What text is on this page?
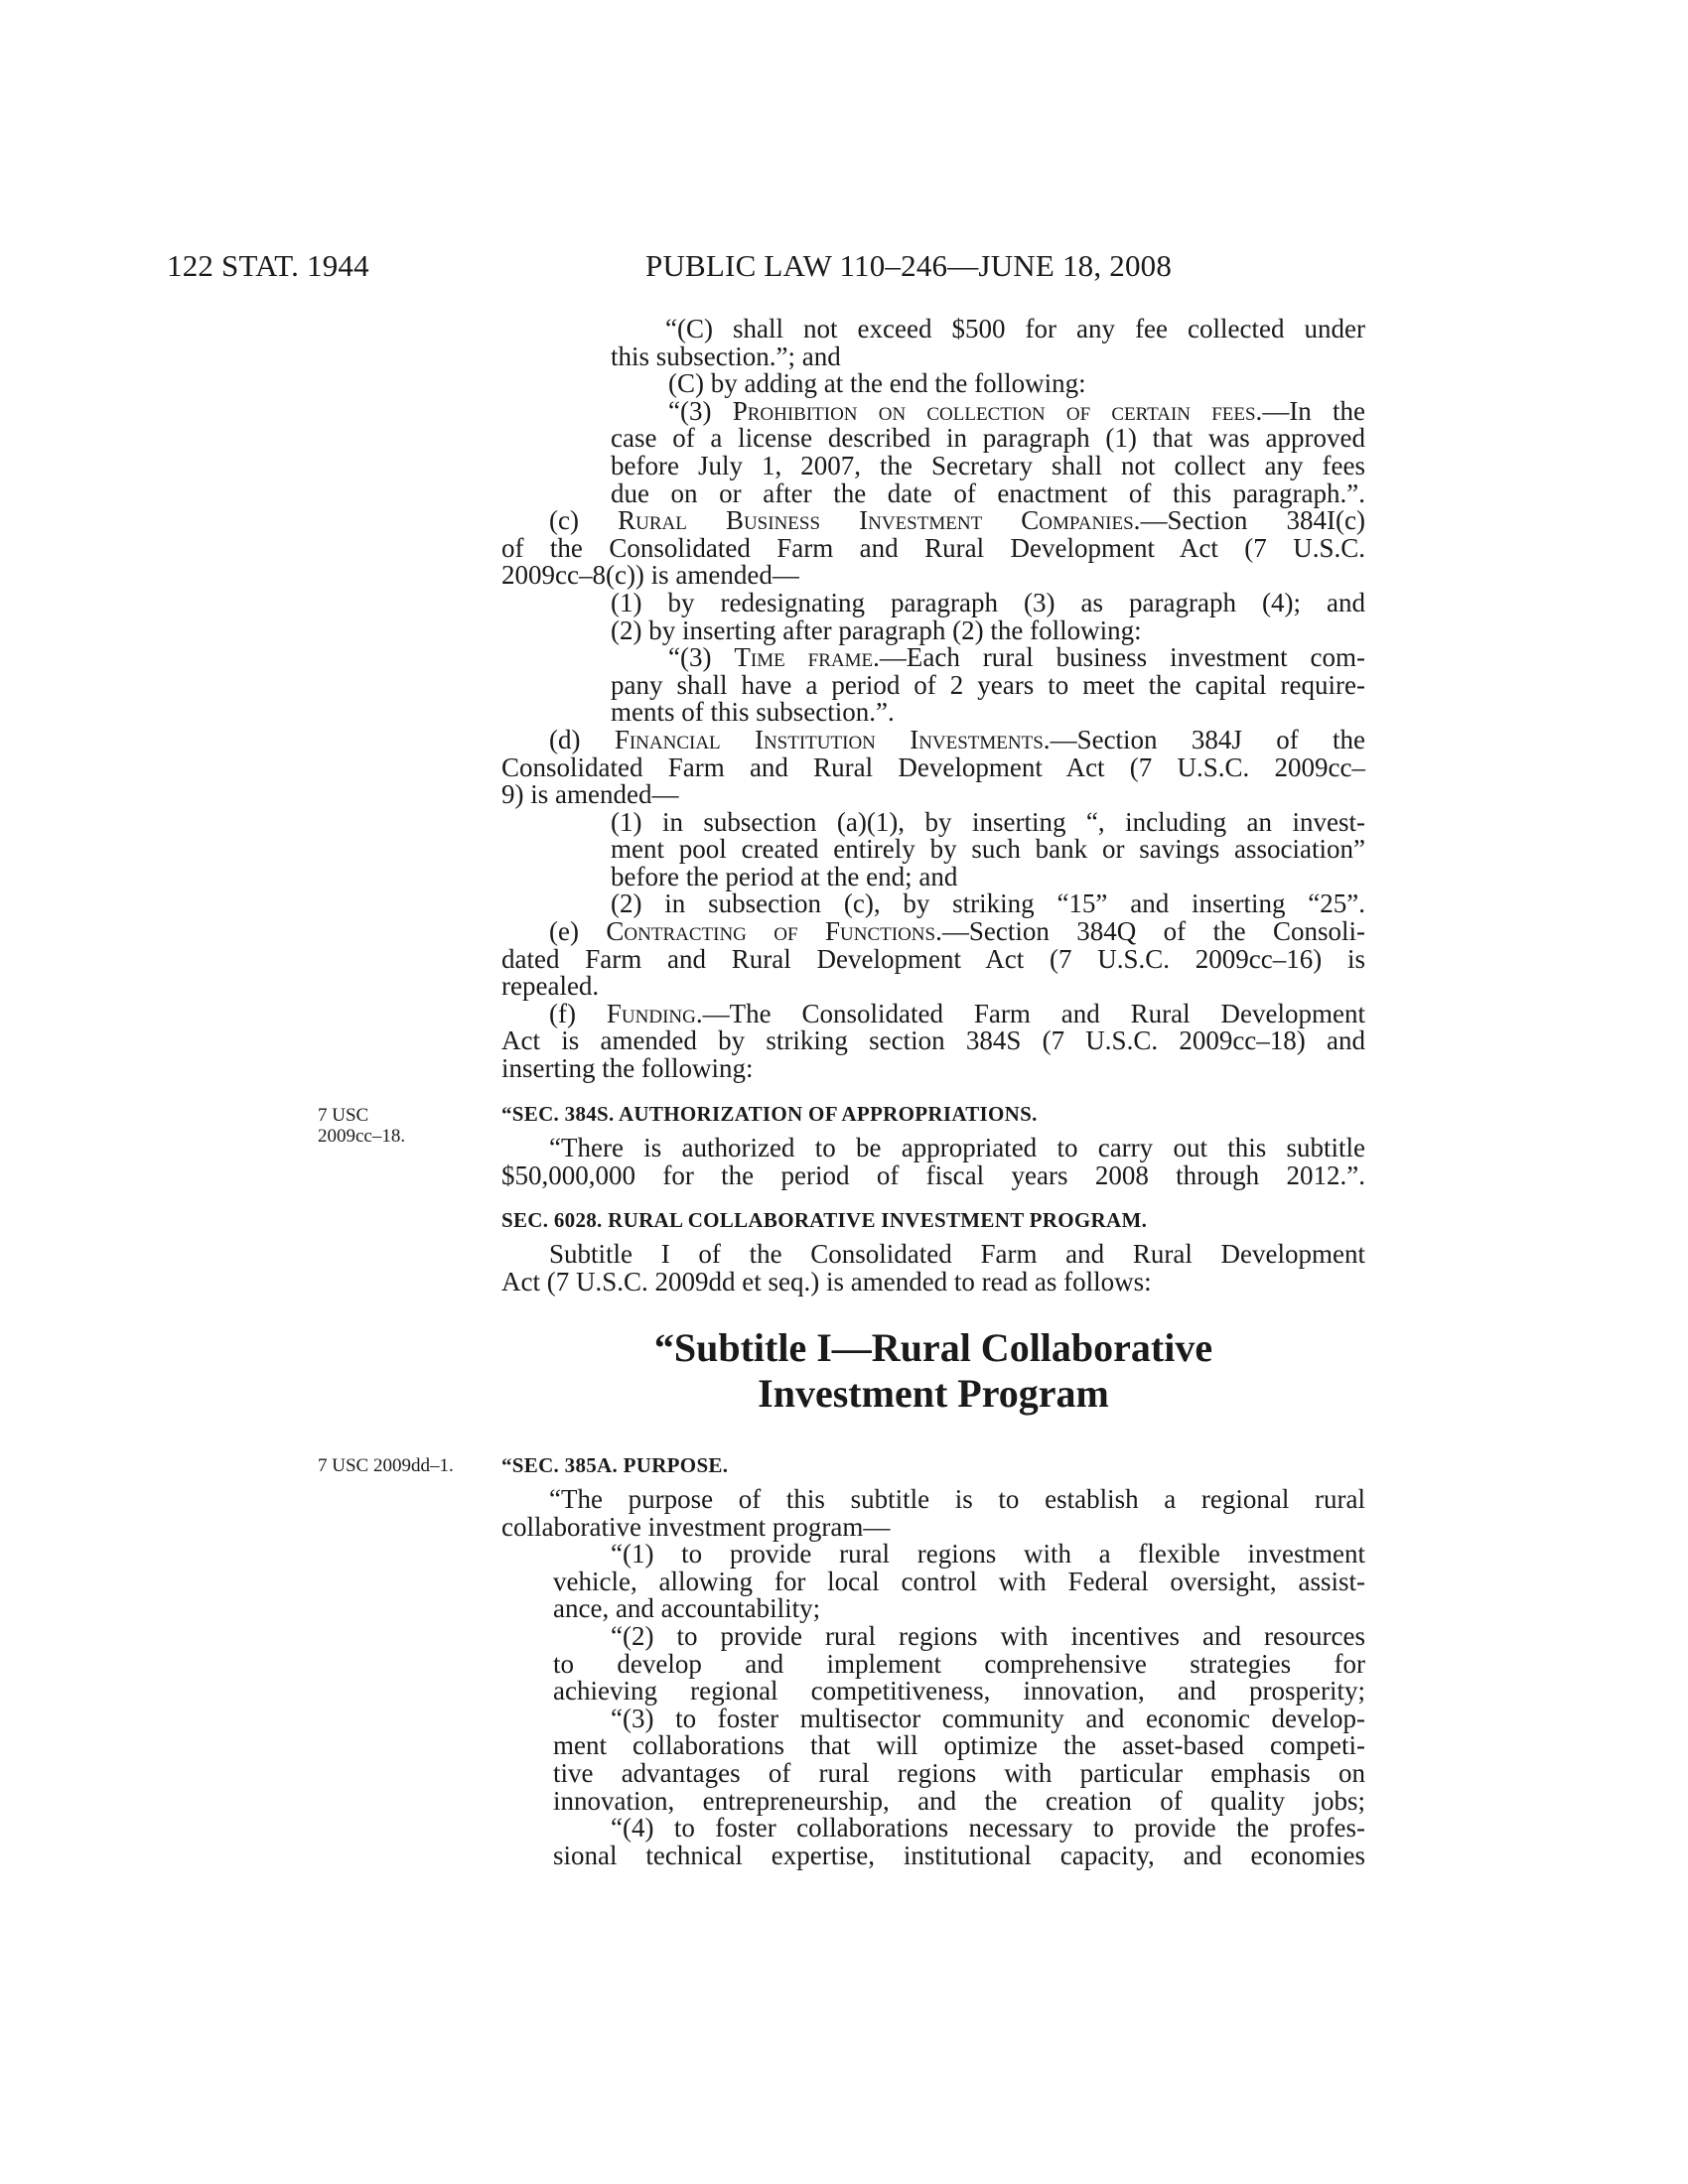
122 STAT. 1944	PUBLIC LAW 110–246—JUNE 18, 2008
“(C) shall not exceed $500 for any fee collected under
this subsection.”; and
(C) by adding at the end the following:
“(3) Prohibition on collection of certain fees.—In the
case of a license described in paragraph (1) that was approved
before July 1, 2007, the Secretary shall not collect any fees
due on or after the date of enactment of this paragraph.”.
(c) Rural Business Investment Companies.—Section 384I(c)
of the Consolidated Farm and Rural Development Act (7 U.S.C.
2009cc–8(c)) is amended—
(1) by redesignating paragraph (3) as paragraph (4); and
(2) by inserting after paragraph (2) the following:
“(3) Time frame.—Each rural business investment com-
pany shall have a period of 2 years to meet the capital require-
ments of this subsection.”.
(d) Financial Institution Investments.—Section 384J of the
Consolidated Farm and Rural Development Act (7 U.S.C. 2009cc–
9) is amended—
(1) in subsection (a)(1), by inserting “, including an invest-
ment pool created entirely by such bank or savings association”
before the period at the end; and
(2) in subsection (c), by striking “15” and inserting “25”.
(e) Contracting of Functions.—Section 384Q of the Consoli-
dated Farm and Rural Development Act (7 U.S.C. 2009cc–16) is
repealed.
(f) Funding.—The Consolidated Farm and Rural Development
Act is amended by striking section 384S (7 U.S.C. 2009cc–18) and
inserting the following:
7 USC
2009cc–18.
“SEC. 384S. AUTHORIZATION OF APPROPRIATIONS.
“There is authorized to be appropriated to carry out this subtitle
$50,000,000 for the period of fiscal years 2008 through 2012.”.
SEC. 6028. RURAL COLLABORATIVE INVESTMENT PROGRAM.
Subtitle I of the Consolidated Farm and Rural Development
Act (7 U.S.C. 2009dd et seq.) is amended to read as follows:
“Subtitle I—Rural Collaborative
Investment Program
7 USC 2009dd–1. “SEC. 385A. PURPOSE.
“The purpose of this subtitle is to establish a regional rural
collaborative investment program—
“(1) to provide rural regions with a flexible investment
vehicle, allowing for local control with Federal oversight, assist-
ance, and accountability;
“(2) to provide rural regions with incentives and resources
to develop and implement comprehensive strategies for
achieving regional competitiveness, innovation, and prosperity;
“(3) to foster multisector community and economic develop-
ment collaborations that will optimize the asset-based competi-
tive advantages of rural regions with particular emphasis on
innovation, entrepreneurship, and the creation of quality jobs;
“(4) to foster collaborations necessary to provide the profes-
sional technical expertise, institutional capacity, and economies
